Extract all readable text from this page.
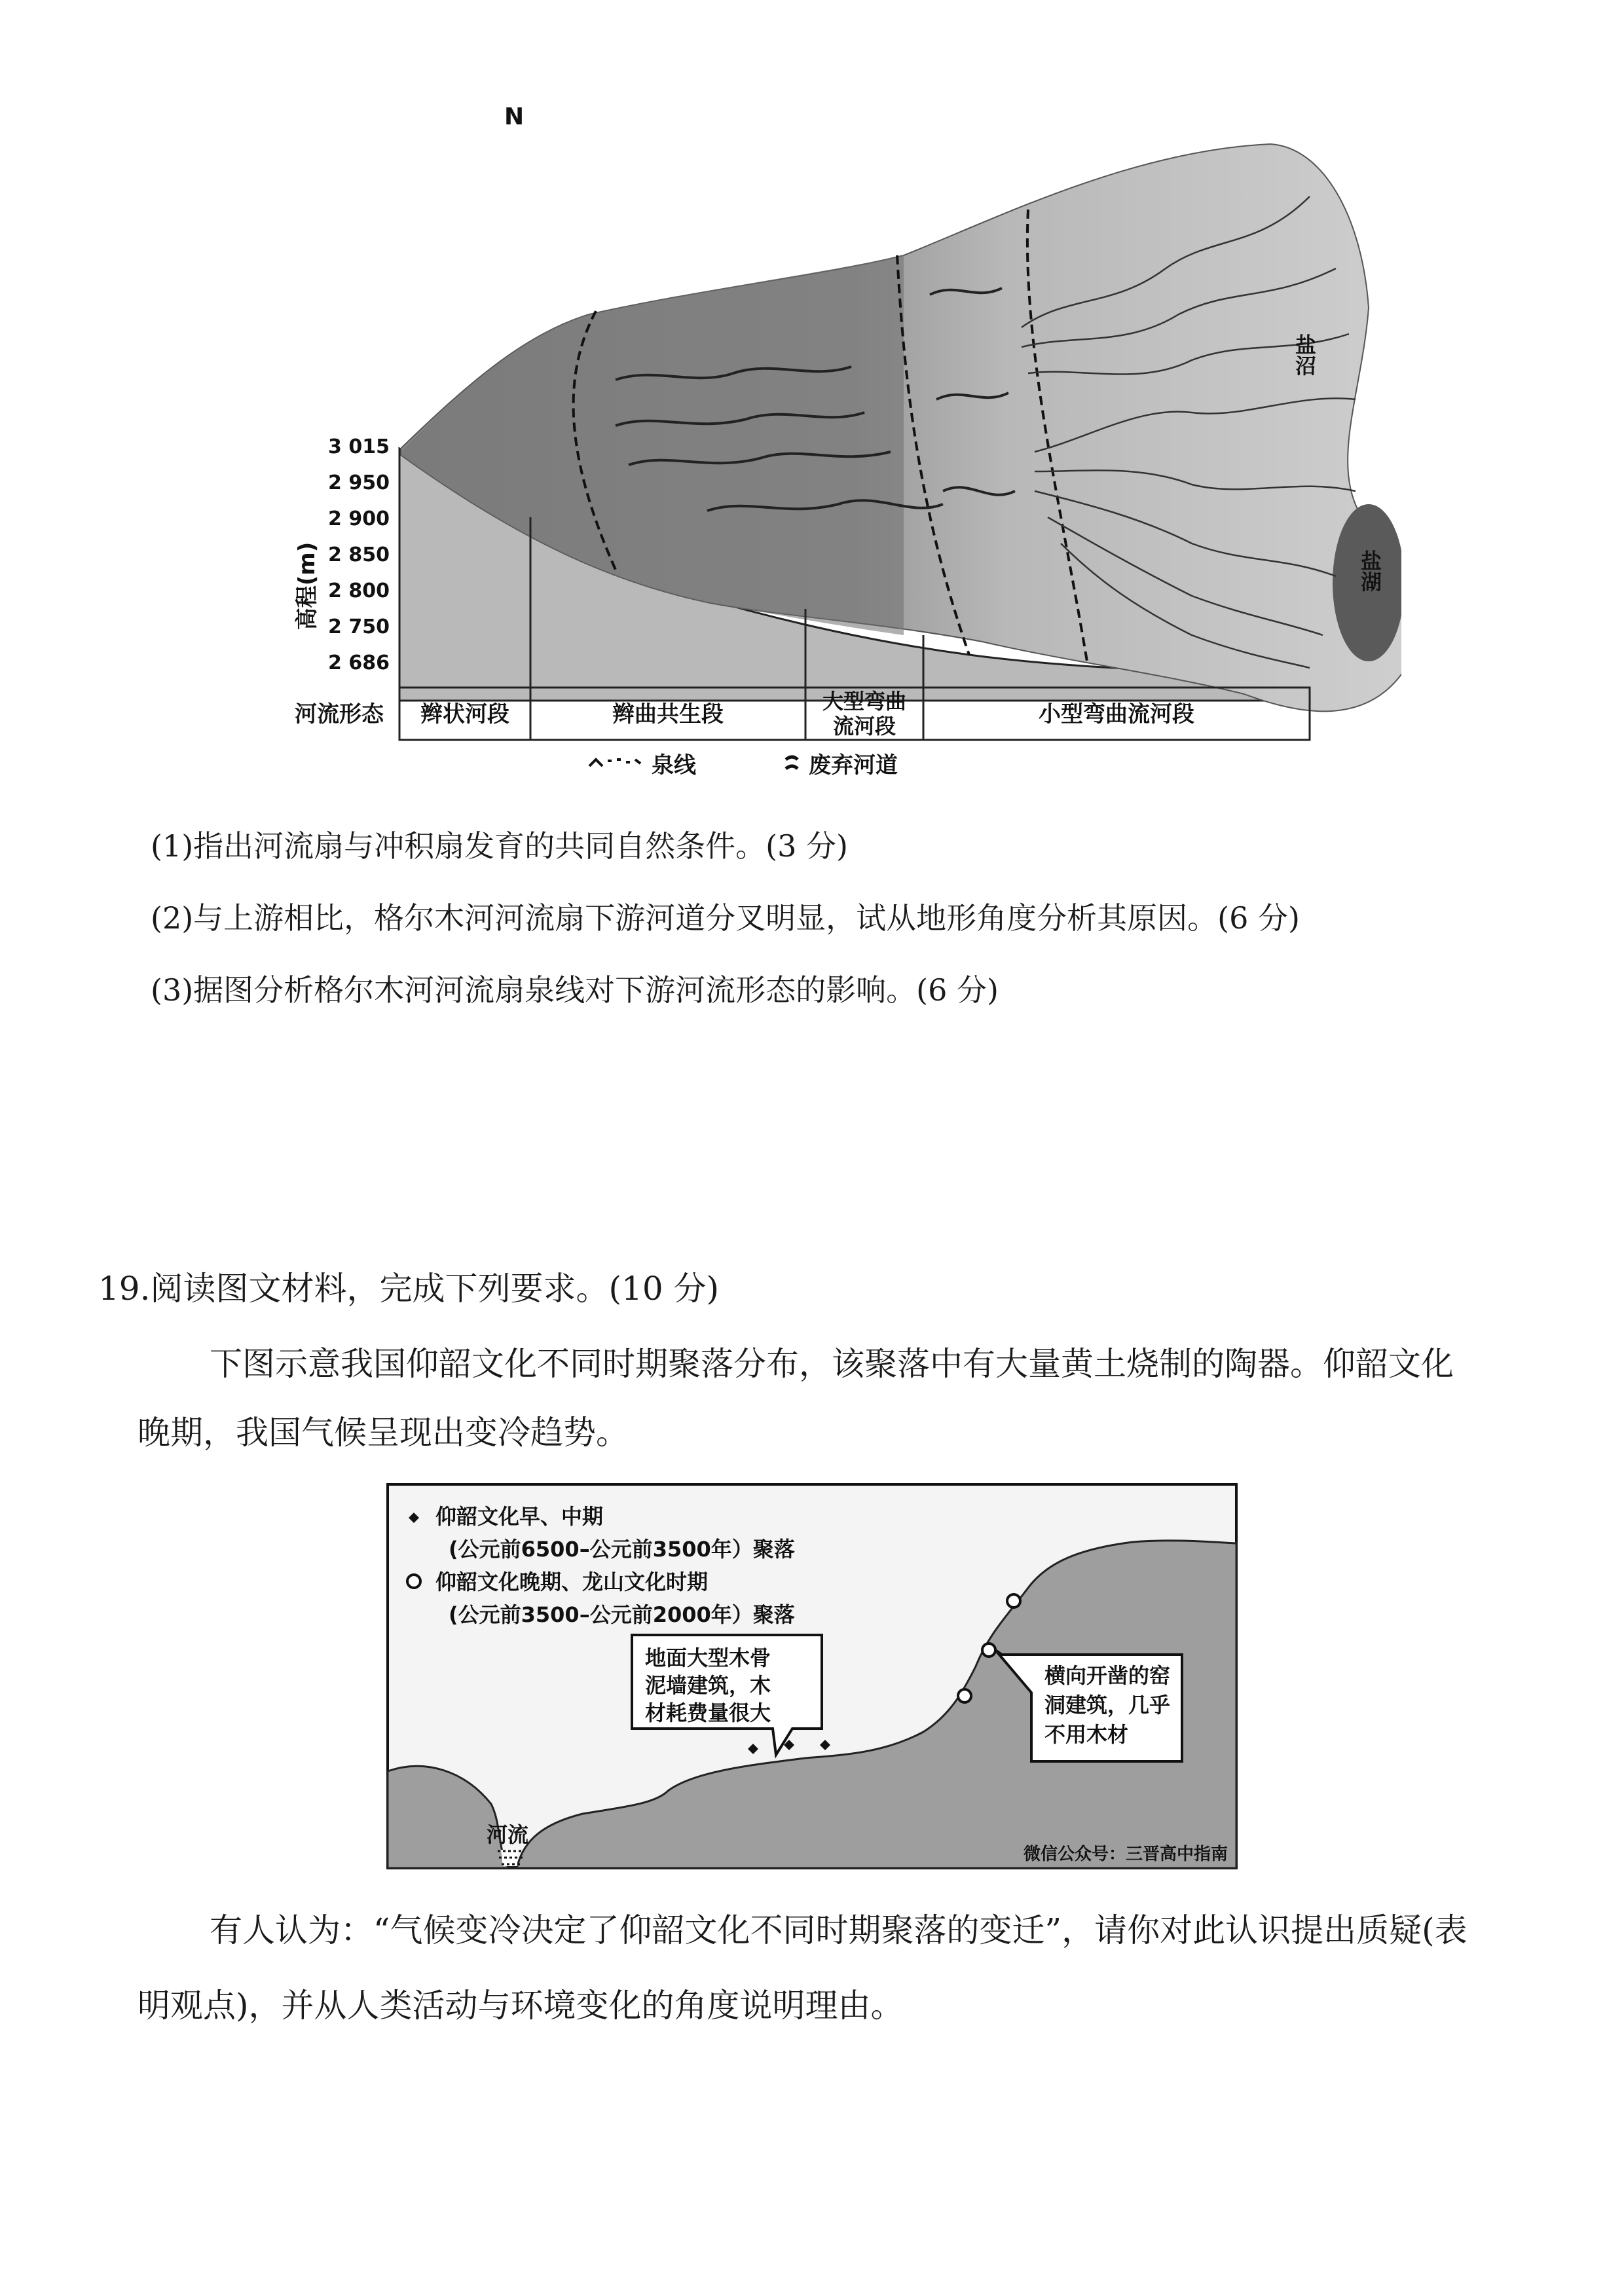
N
高程(m)
3 015
2 950
2 900
2 850
2 800
2 750
2 686
河流形态 辫状河段	辫曲共生段	大型弯曲
流河段	小型弯曲流河段
盐沼
盐湖
泉线	废弃河道
(1)指出河流扇与冲积扇发育的共同自然条件。(3 分)
(2)与上游相比，格尔木河河流扇下游河道分叉明显，试从地形角度分析其原因。(6 分)
(3)据图分析格尔木河河流扇泉线对下游河流形态的影响。(6 分)
19.阅读图文材料，完成下列要求。(10 分)
下图示意我国仰韶文化不同时期聚落分布，该聚落中有大量黄土烧制的陶器。仰韶文化
晚期，我国气候呈现出变冷趋势。
河流
仰韶文化早、中期
(公元前6500–公元前3500年）聚落
仰韶文化晚期、龙山文化时期
(公元前3500–公元前2000年）聚落
地面大型木骨
泥墙建筑，木
材耗费量很大
横向开凿的窑
洞建筑，几乎
不用木材
微信公众号：三晋高中指南
有人认为：“气候变冷决定了仰韶文化不同时期聚落的变迁”，请你对此认识提出质疑(表
明观点)，并从人类活动与环境变化的角度说明理由。
